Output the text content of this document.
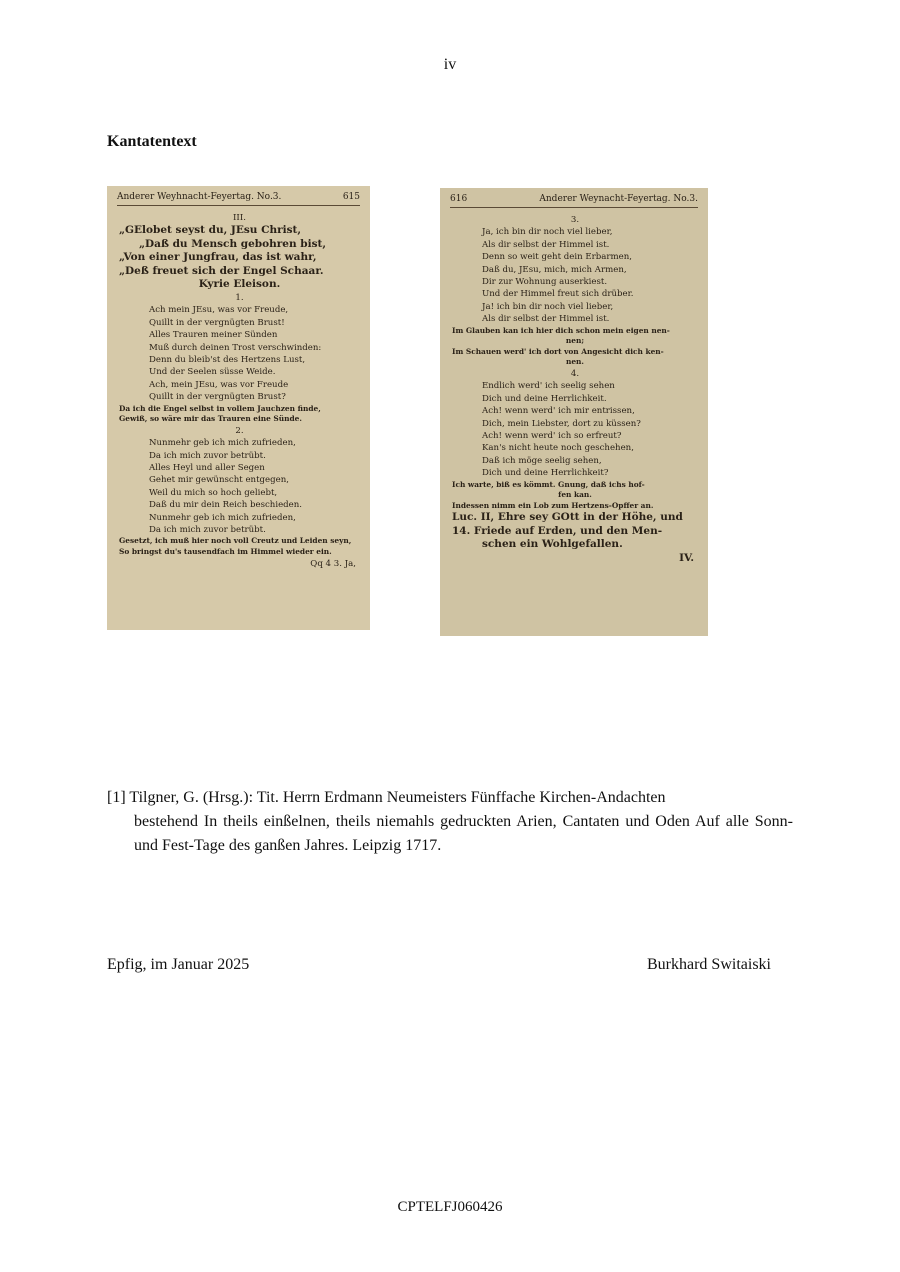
iv
Kantatentext
Anderer Weyhnacht-Feyertag. No.3.	615
III.
„GElobet seyst du, JEsu Christ,
„Daß du Mensch gebohren bist,
„Von einer Jungfrau, das ist wahr,
„Deß freuet sich der Engel Schaar.
Kyrie Eleison.
1.
Ach mein JEsu, was vor Freude,
Quillt in der vergnügten Brust!
Alles Trauren meiner Sünden
Muß durch deinen Trost verschwinden:
Denn du bleib'st des Hertzens Lust,
Und der Seelen süsse Weide.
Ach, mein JEsu, was vor Freude
Quillt in der vergnügten Brust?
Da ich die Engel selbst in vollem Jauchzen finde,
Gewiß, so wäre mir das Trauren eine Sünde.
2.
Nunmehr geb ich mich zufrieden,
Da ich mich zuvor betrübt.
Alles Heyl und aller Segen
Gehet mir gewünscht entgegen,
Weil du mich so hoch geliebt,
Daß du mir dein Reich beschieden.
Nunmehr geb ich mich zufrieden,
Da ich mich zuvor betrübt.
Gesetzt, ich muß hier noch voll Creutz und Leiden seyn,
So bringst du's tausendfach im Himmel wieder ein.
Qq 4 3. Ja,
616	Anderer Weynacht-Feyertag. No.3.
3.
Ja, ich bin dir noch viel lieber,
Als dir selbst der Himmel ist.
Denn so weit geht dein Erbarmen,
Daß du, JEsu, mich, mich Armen,
Dir zur Wohnung auserkiest.
Und der Himmel freut sich drüber.
Ja! ich bin dir noch viel lieber,
Als dir selbst der Himmel ist.
Im Glauben kan ich hier dich schon mein eigen nen-
nen;
Im Schauen werd' ich dort von Angesicht dich ken-
nen.
4.
Endlich werd' ich seelig sehen
Dich und deine Herrlichkeit.
Ach! wenn werd' ich mir entrissen,
Dich, mein Liebster, dort zu küssen?
Ach! wenn werd' ich so erfreut?
Kan's nicht heute noch geschehen,
Daß ich möge seelig sehen,
Dich und deine Herrlichkeit?
Ich warte, biß es kömmt. Gnung, daß ichs hof-
fen kan.
Indessen nimm ein Lob zum Hertzens-Opffer an.
Luc. II, Ehre sey GOtt in der Höhe, und
14. Friede auf Erden, und den Men-
schen ein Wohlgefallen.
IV.
[1] Tilgner, G. (Hrsg.): Tit. Herrn Erdmann Neumeisters Fünffache Kirchen-Andachten
bestehend In theils einßelnen, theils niemahls gedruckten Arien, Cantaten und Oden Auf alle Sonn- und Fest-Tage des ganßen Jahres. Leipzig 1717.
Epfig, im Januar 2025	Burkhard Switaiski
CPTELFJ060426
